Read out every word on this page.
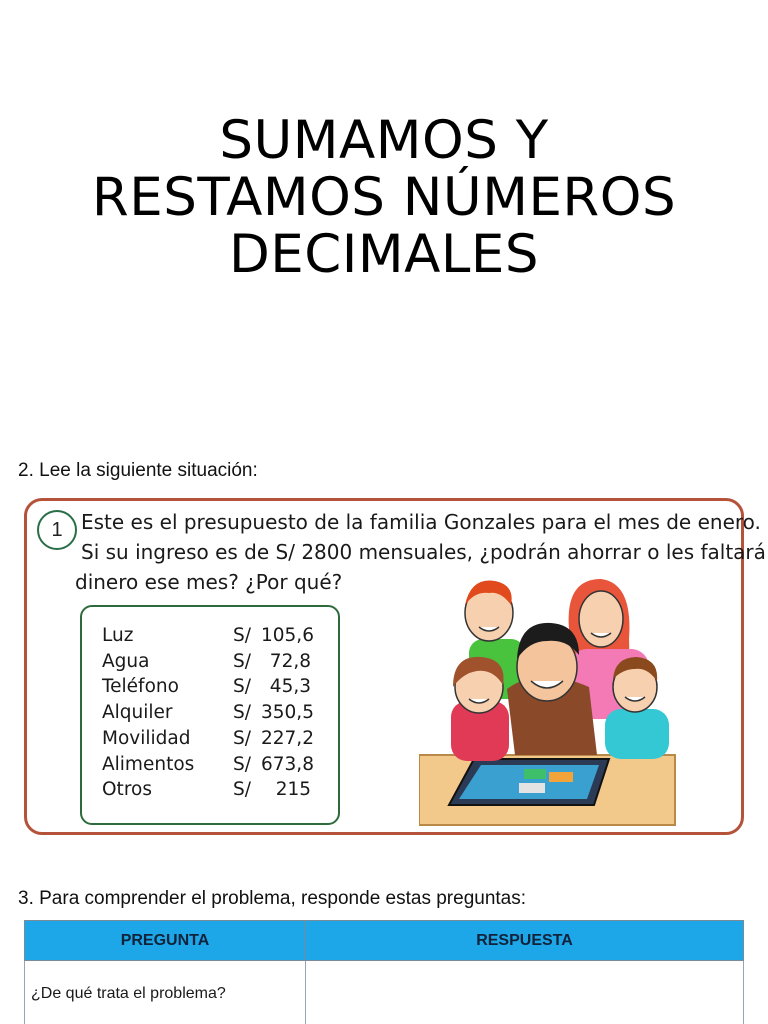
SUMAMOS Y
RESTAMOS NÚMEROS
DECIMALES
2. Lee la siguiente situación:
1 Este es el presupuesto de la familia Gonzales para el mes de enero.
Si su ingreso es de S/ 2800 mensuales, ¿podrán ahorrar o les faltará
dinero ese mes? ¿Por qué?
Luz	S/ 105,6
Agua	S/	72,8
Teléfono	S/	45,3
Alquiler	S/ 350,5
Movilidad	S/ 227,2
Alimentos	S/ 673,8
Otros	S/	215
3. Para comprender el problema, responde estas preguntas:
PREGUNTA	RESPUESTA
¿De qué trata el problema?	
